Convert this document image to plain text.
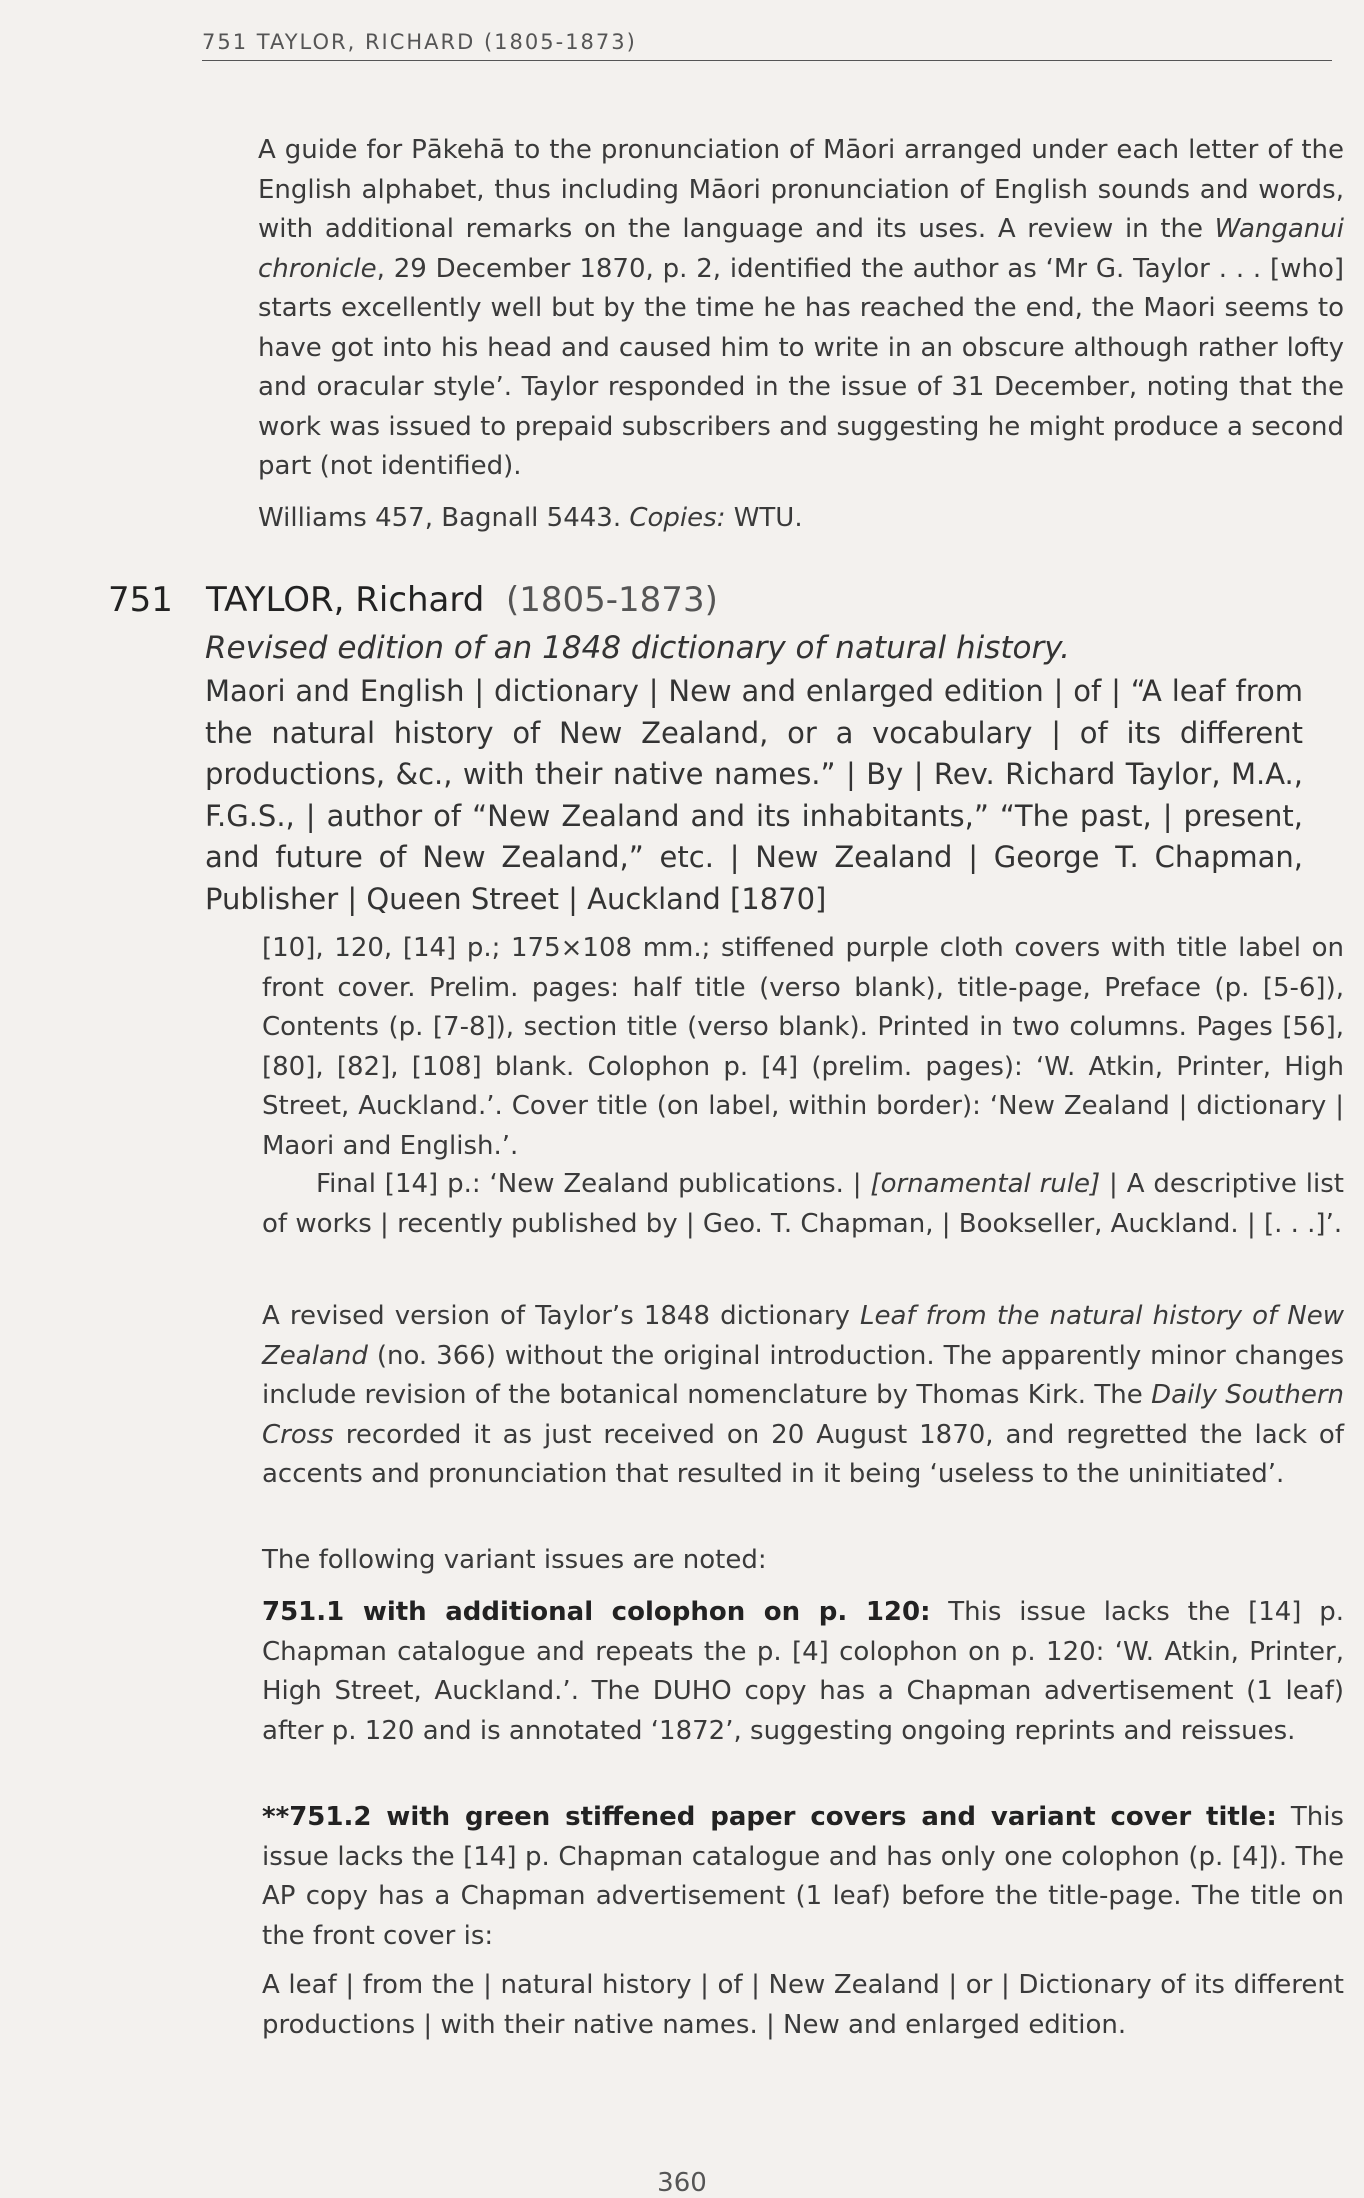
751 TAYLOR, RICHARD (1805-1873)
A guide for Pākehā to the pronunciation of Māori arranged under each letter of the English alphabet, thus including Māori pronunciation of English sounds and words, with additional remarks on the language and its uses. A review in the Wanganui chronicle, 29 December 1870, p. 2, identified the author as ‘Mr G. Taylor . . . [who] starts excellently well but by the time he has reached the end, the Maori seems to have got into his head and caused him to write in an obscure although rather lofty and oracular style’. Taylor responded in the issue of 31 December, noting that the work was issued to prepaid subscribers and suggesting he might produce a second part (not identified).
Williams 457, Bagnall 5443. Copies: WTU.
751 TAYLOR, Richard (1805-1873)
Revised edition of an 1848 dictionary of natural history.
Maori and English | dictionary | New and enlarged edition | of | “A leaf from the natural history of New Zealand, or a vocabulary | of its different productions, &c., with their native names.” | By | Rev. Richard Taylor, M.A., F.G.S., | author of “New Zealand and its inhabitants,” “The past, | present, and future of New Zealand,” etc. | New Zealand | George T. Chapman, Publisher | Queen Street | Auckland [1870]
[10], 120, [14] p.; 175×108 mm.; stiffened purple cloth covers with title label on front cover. Prelim. pages: half title (verso blank), title-page, Preface (p. [5-6]), Contents (p. [7-8]), section title (verso blank). Printed in two columns. Pages [56], [80], [82], [108] blank. Colophon p. [4] (prelim. pages): ‘W. Atkin, Printer, High Street, Auckland.’. Cover title (on label, within border): ‘New Zealand | dictionary | Maori and English.’.
Final [14] p.: ‘New Zealand publications. | [ornamental rule] | A descriptive list of works | recently published by | Geo. T. Chapman, | Bookseller, Auckland. | [. . .]’.
A revised version of Taylor’s 1848 dictionary Leaf from the natural history of New Zealand (no. 366) without the original introduction. The apparently minor changes include revision of the botanical nomenclature by Thomas Kirk. The Daily Southern Cross recorded it as just received on 20 August 1870, and regretted the lack of accents and pronunciation that resulted in it being ‘useless to the uninitiated’.
The following variant issues are noted:
751.1 with additional colophon on p. 120: This issue lacks the [14] p. Chapman catalogue and repeats the p. [4] colophon on p. 120: ‘W. Atkin, Printer, High Street, Auckland.’. The DUHO copy has a Chapman advertisement (1 leaf) after p. 120 and is annotated ‘1872’, suggesting ongoing reprints and reissues.
**751.2 with green stiffened paper covers and variant cover title: This issue lacks the [14] p. Chapman catalogue and has only one colophon (p. [4]). The AP copy has a Chapman advertisement (1 leaf) before the title-page. The title on the front cover is:
A leaf | from the | natural history | of | New Zealand | or | Dictionary of its different productions | with their native names. | New and enlarged edition.
360
